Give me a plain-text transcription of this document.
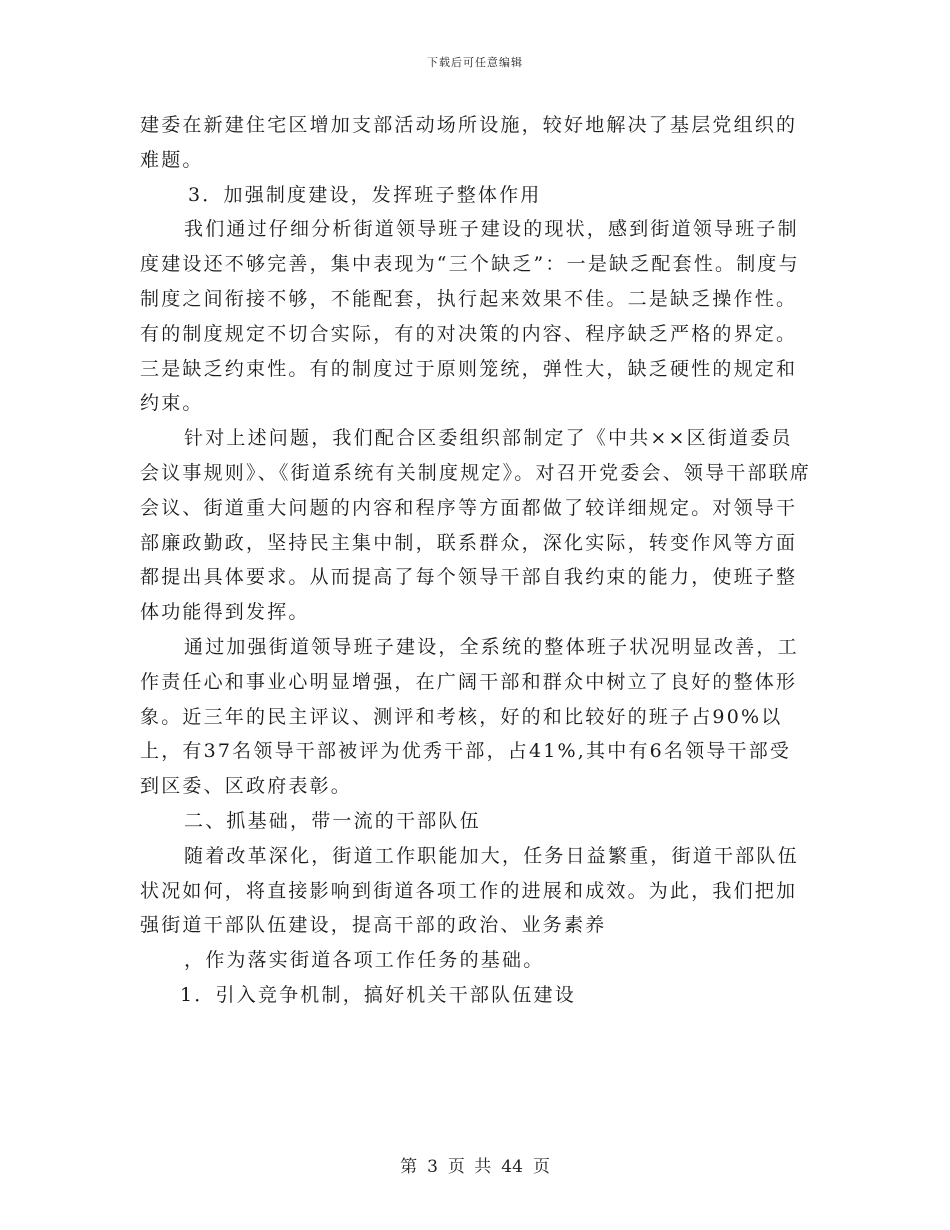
下载后可任意编辑

建委在新建住宅区增加支部活动场所设施，较好地解决了基层党组织的难题。

3．加强制度建设，发挥班子整体作用

我们通过仔细分析街道领导班子建设的现状，感到街道领导班子制度建设还不够完善，集中表现为“三个缺乏”：一是缺乏配套性。制度与制度之间衔接不够，不能配套，执行起来效果不佳。二是缺乏操作性。有的制度规定不切合实际，有的对决策的内容、程序缺乏严格的界定。三是缺乏约束性。有的制度过于原则笼统，弹性大，缺乏硬性的规定和约束。

针对上述问题，我们配合区委组织部制定了《中共××区街道委员会议事规则》、《街道系统有关制度规定》。对召开党委会、领导干部联席会议、街道重大问题的内容和程序等方面都做了较详细规定。对领导干部廉政勤政，坚持民主集中制，联系群众，深化实际，转变作风等方面都提出具体要求。从而提高了每个领导干部自我约束的能力，使班子整体功能得到发挥。

通过加强街道领导班子建设，全系统的整体班子状况明显改善，工作责任心和事业心明显增强，在广阔干部和群众中树立了良好的整体形象。近三年的民主评议、测评和考核，好的和比较好的班子占90%以上，有37名领导干部被评为优秀干部，占41%,其中有6名领导干部受到区委、区政府表彰。

二、抓基础，带一流的干部队伍

随着改革深化，街道工作职能加大，任务日益繁重，街道干部队伍状况如何，将直接影响到街道各项工作的进展和成效。为此，我们把加强街道干部队伍建设，提高干部的政治、业务素养

，作为落实街道各项工作任务的基础。

1．引入竞争机制，搞好机关干部队伍建设

第 3 页 共 44 页
